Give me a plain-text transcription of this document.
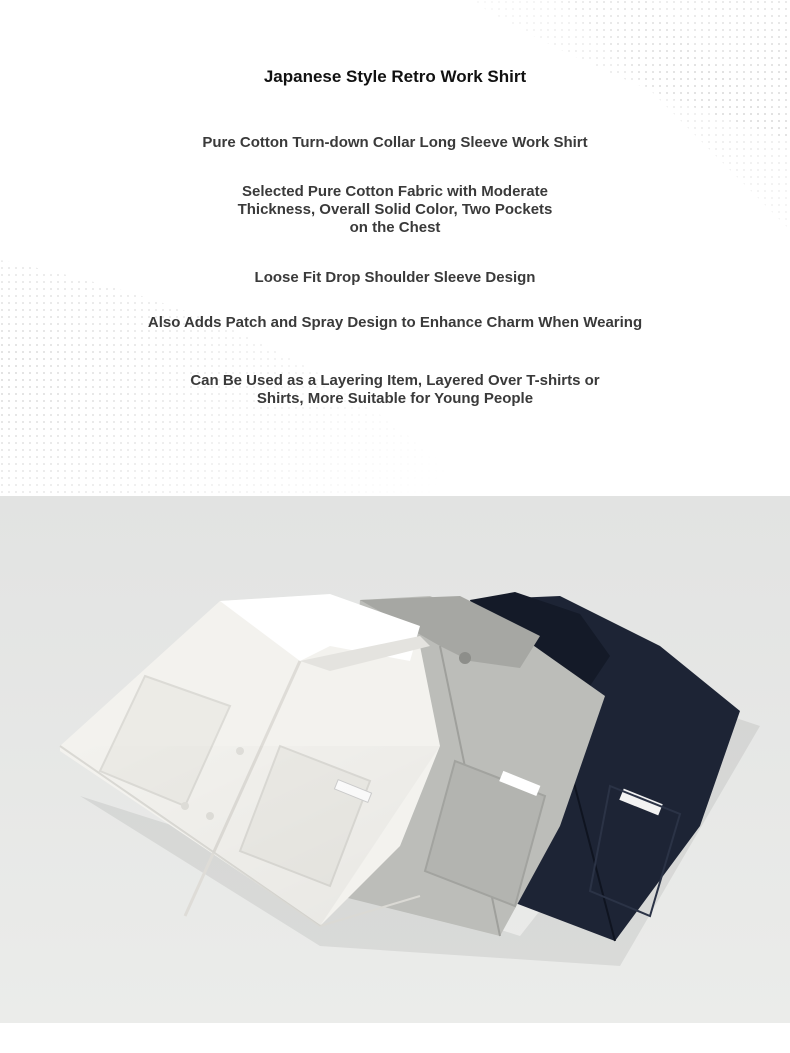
Japanese Style Retro Work Shirt

Pure Cotton Turn-down Collar Long Sleeve Work Shirt

Selected Pure Cotton Fabric with Moderate
Thickness, Overall Solid Color, Two Pockets
on the Chest

Loose Fit Drop Shoulder Sleeve Design

Also Adds Patch and Spray Design to Enhance Charm When Wearing

Can Be Used as a Layering Item, Layered Over T-shirts or
Shirts, More Suitable for Young People
